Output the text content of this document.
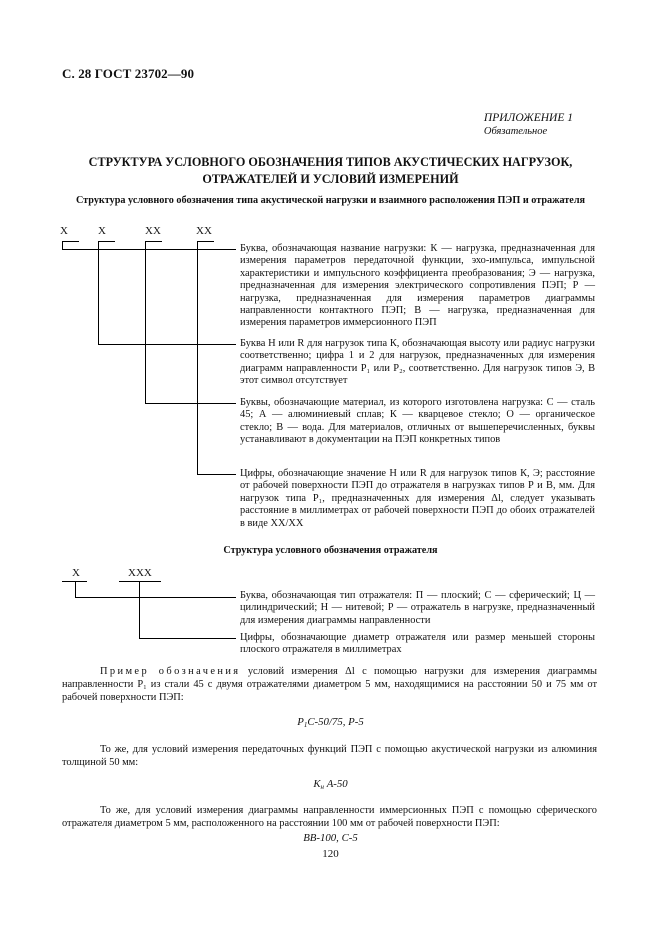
С. 28 ГОСТ 23702—90
ПРИЛОЖЕНИЕ 1
Обязательное
СТРУКТУРА УСЛОВНОГО ОБОЗНАЧЕНИЯ ТИПОВ АКУСТИЧЕСКИХ НАГРУЗОК,
ОТРАЖАТЕЛЕЙ И УСЛОВИЙ ИЗМЕРЕНИЙ
Структура условного обозначения типа акустической нагрузки и взаимного расположения ПЭП и отражателя
X	X	XX	XX
Буква, обозначающая название нагрузки: К — нагрузка, предназначенная для измерения параметров передаточной функции, эхо-импульса, импульсной характеристики и импульсного коэффициента преобразования; Э — нагрузка, предназначенная для измерения электрического сопротивления ПЭП; Р — нагрузка, предназначенная для измерения параметров диаграммы направленности контактного ПЭП; В — нагрузка, предназначенная для измерения параметров иммерсионного ПЭП
Буква H или R для нагрузок типа К, обозначающая высоту или радиус нагрузки соответственно; цифра 1 и 2 для нагрузок, предназначенных для измерения диаграмм направленности P₁ или P₂, соответственно. Для нагрузок типов Э, В этот символ отсутствует
Буквы, обозначающие материал, из которого изготовлена нагрузка: С — сталь 45; А — алюминиевый сплав; К — кварцевое стекло; О — органическое стекло; В — вода. Для материалов, отличных от вышеперечисленных, буквы устанавливают в документации на ПЭП конкретных типов
Цифры, обозначающие значение H или R для нагрузок типов К, Э; расстояние от рабочей поверхности ПЭП до отражателя в нагрузках типов Р и В, мм. Для нагрузок типа P₁, предназначенных для измерения Δl, следует указывать расстояние в миллиметрах от рабочей поверхности ПЭП до обоих отражателей в виде XX/XX
Структура условного обозначения отражателя
X	XXX
Буква, обозначающая тип отражателя: П — плоский; С — сферический; Ц — цилиндрический; Н — нитевой; Р — отражатель в нагрузке, предназначенный для измерения диаграммы направленности
Цифры, обозначающие диаметр отражателя или размер меньшей стороны плоского отражателя в миллиметрах
Пример обозначения условий измерения Δl с помощью нагрузки для измерения диаграммы направленности P₁ из стали 45 с двумя отражателями диаметром 5 мм, находящимися на расстоянии 50 и 75 мм от рабочей поверхности ПЭП:
$P_1C-50/75$, P-5
То же, для условий измерения передаточных функций ПЭП с помощью акустической нагрузки из алюминия толщиной 50 мм:
$K_н$ A-50
То же, для условий измерения диаграммы направленности иммерсионных ПЭП с помощью сферического отражателя диаметром 5 мм, расположенного на расстоянии 100 мм от рабочей поверхности ПЭП:
BB-100, C-5
120
